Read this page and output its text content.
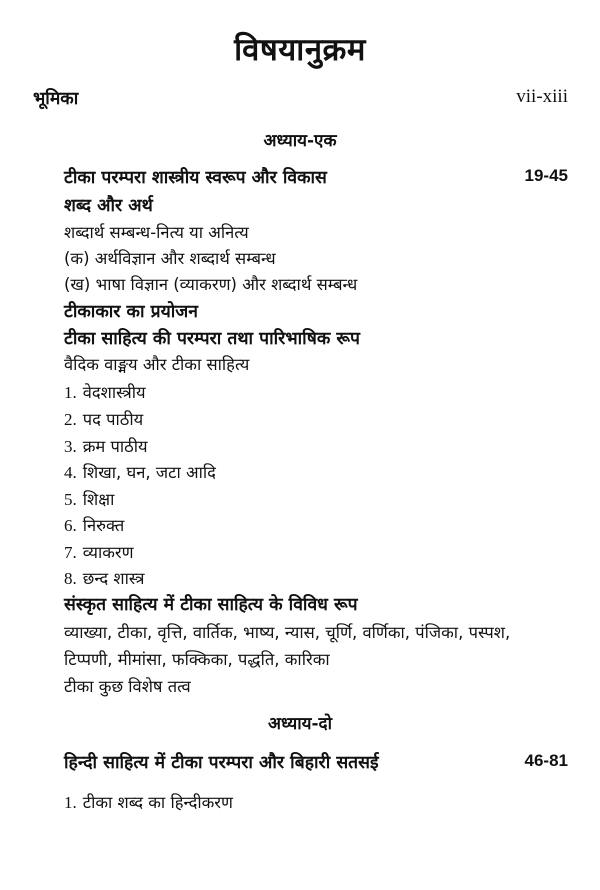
विषयानुक्रम
भूमिका	vii-xiii
अध्याय-एक
टीका परम्परा शास्त्रीय स्वरूप और विकास	19-45
शब्द और अर्थ
शब्दार्थ सम्बन्ध-नित्य या अनित्य
(क) अर्थविज्ञान और शब्दार्थ सम्बन्ध
(ख) भाषा विज्ञान (व्याकरण) और शब्दार्थ सम्बन्ध
टीकाकार का प्रयोजन
टीका साहित्य की परम्परा तथा पारिभाषिक रूप
वैदिक वाङ्मय और टीका साहित्य
1. वेदशास्त्रीय
2. पद पाठीय
3. क्रम पाठीय
4. शिखा, घन, जटा आदि
5. शिक्षा
6. निरुक्त
7. व्याकरण
8. छन्द शास्त्र
संस्कृत साहित्य में टीका साहित्य के विविध रूप
व्याख्या, टीका, वृत्ति, वार्तिक, भाष्य, न्यास, चूर्णि, वर्णिका, पंजिका, पस्पश,
टिप्पणी, मीमांसा, फक्किका, पद्धति, कारिका
टीका कुछ विशेष तत्व
अध्याय-दो
हिन्दी साहित्य में टीका परम्परा और बिहारी सतसई	46-81
1. टीका शब्द का हिन्दीकरण
